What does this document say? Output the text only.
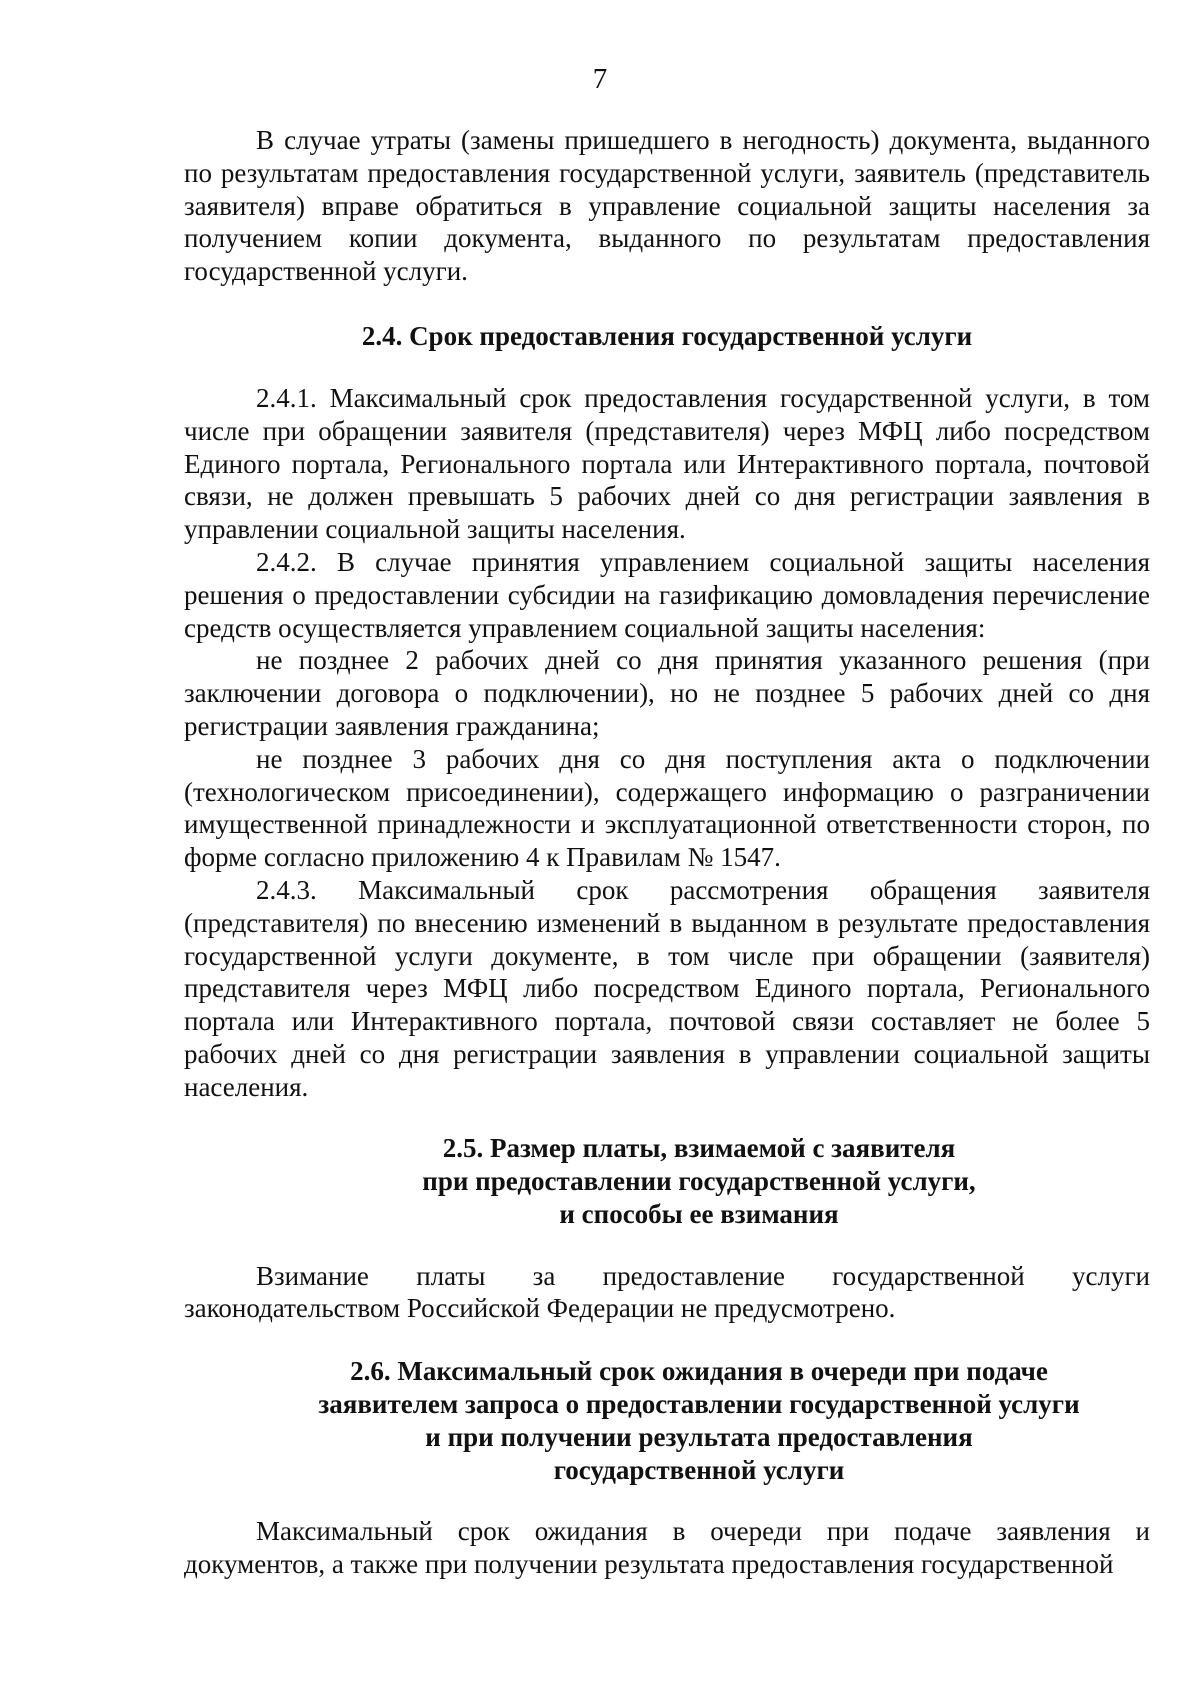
7

В случае утраты (замены пришедшего в негодность) документа, выданного по результатам предоставления государственной услуги, заявитель (представитель заявителя) вправе обратиться в управление социальной защиты населения за получением копии документа, выданного по результатам предоставления государственной услуги.

2.4. Срок предоставления государственной услуги

2.4.1. Максимальный срок предоставления государственной услуги, в том числе при обращении заявителя (представителя) через МФЦ либо посредством Единого портала, Регионального портала или Интерактивного портала, почтовой связи, не должен превышать 5 рабочих дней со дня регистрации заявления в управлении социальной защиты населения.

2.4.2. В случае принятия управлением социальной защиты населения решения о предоставлении субсидии на газификацию домовладения перечисление средств осуществляется управлением социальной защиты населения:

не позднее 2 рабочих дней со дня принятия указанного решения (при заключении договора о подключении), но не позднее 5 рабочих дней со дня регистрации заявления гражданина;

не позднее 3 рабочих дня со дня поступления акта о подключении (технологическом присоединении), содержащего информацию о разграничении имущественной принадлежности и эксплуатационной ответственности сторон, по форме согласно приложению 4 к Правилам № 1547.

2.4.3. Максимальный срок рассмотрения обращения заявителя (представителя) по внесению изменений в выданном в результате предоставления государственной услуги документе, в том числе при обращении (заявителя) представителя через МФЦ либо посредством Единого портала, Регионального портала или Интерактивного портала, почтовой связи составляет не более 5 рабочих дней со дня регистрации заявления в управлении социальной защиты населения.

2.5. Размер платы, взимаемой с заявителя
при предоставлении государственной услуги,
и способы ее взимания

Взимание платы за предоставление государственной услуги законодательством Российской Федерации не предусмотрено.

2.6. Максимальный срок ожидания в очереди при подаче
заявителем запроса о предоставлении государственной услуги
и при получении результата предоставления
государственной услуги

Максимальный срок ожидания в очереди при подаче заявления и документов, а также при получении результата предоставления государственной
